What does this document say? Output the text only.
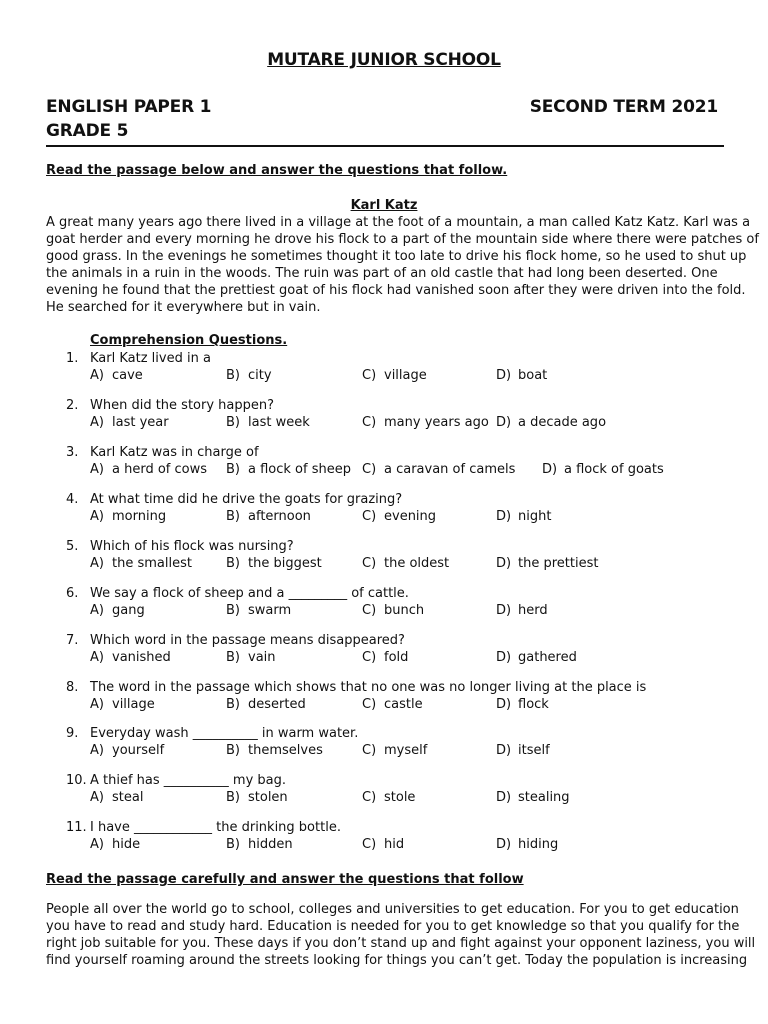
MUTARE JUNIOR SCHOOL
ENGLISH PAPER 1
GRADE 5
SECOND TERM 2021
Read the passage below and answer the questions that follow.
Karl Katz
A great many years ago there lived in a village at the foot of a mountain, a man called Katz Katz. Karl was a
goat herder and every morning he drove his flock to a part of the mountain side where there were patches of
good grass. In the evenings he sometimes thought it too late to drive his flock home, so he used to shut up
the animals in a ruin in the woods. The ruin was part of an old castle that had long been deserted. One
evening he found that the prettiest goat of his flock had vanished soon after they were driven into the fold.
He searched for it everywhere but in vain.
Comprehension Questions.
1. Karl Katz lived in a
A) cave	B) city	C) village	D) boat
2. When did the story happen?
A) last year	B) last week	C) many years ago D) a decade ago
3. Karl Katz was in charge of
A) a herd of cows B) a flock of sheep C) a caravan of camels D) a flock of goats
4. At what time did he drive the goats for grazing?
A) morning	B) afternoon	C) evening	D) night
5. Which of his flock was nursing?
A) the smallest	B) the biggest	C) the oldest	D) the prettiest
6. We say a flock of sheep and a _________ of cattle.
A) gang	B) swarm	C) bunch	D) herd
7. Which word in the passage means disappeared?
A) vanished	B) vain	C) fold	D) gathered
8. The word in the passage which shows that no one was no longer living at the place is
A) village	B) deserted	C) castle	D) flock
9. Everyday wash __________ in warm water.
A) yourself	B) themselves	C) myself	D) itself
10. A thief has __________ my bag.
A) steal	B) stolen	C) stole	D) stealing
11. I have ____________ the drinking bottle.
A) hide	B) hidden	C) hid	D) hiding
Read the passage carefully and answer the questions that follow
People all over the world go to school, colleges and universities to get education. For you to get education
you have to read and study hard. Education is needed for you to get knowledge so that you qualify for the
right job suitable for you. These days if you don’t stand up and fight against your opponent laziness, you will
find yourself roaming around the streets looking for things you can’t get. Today the population is increasing
